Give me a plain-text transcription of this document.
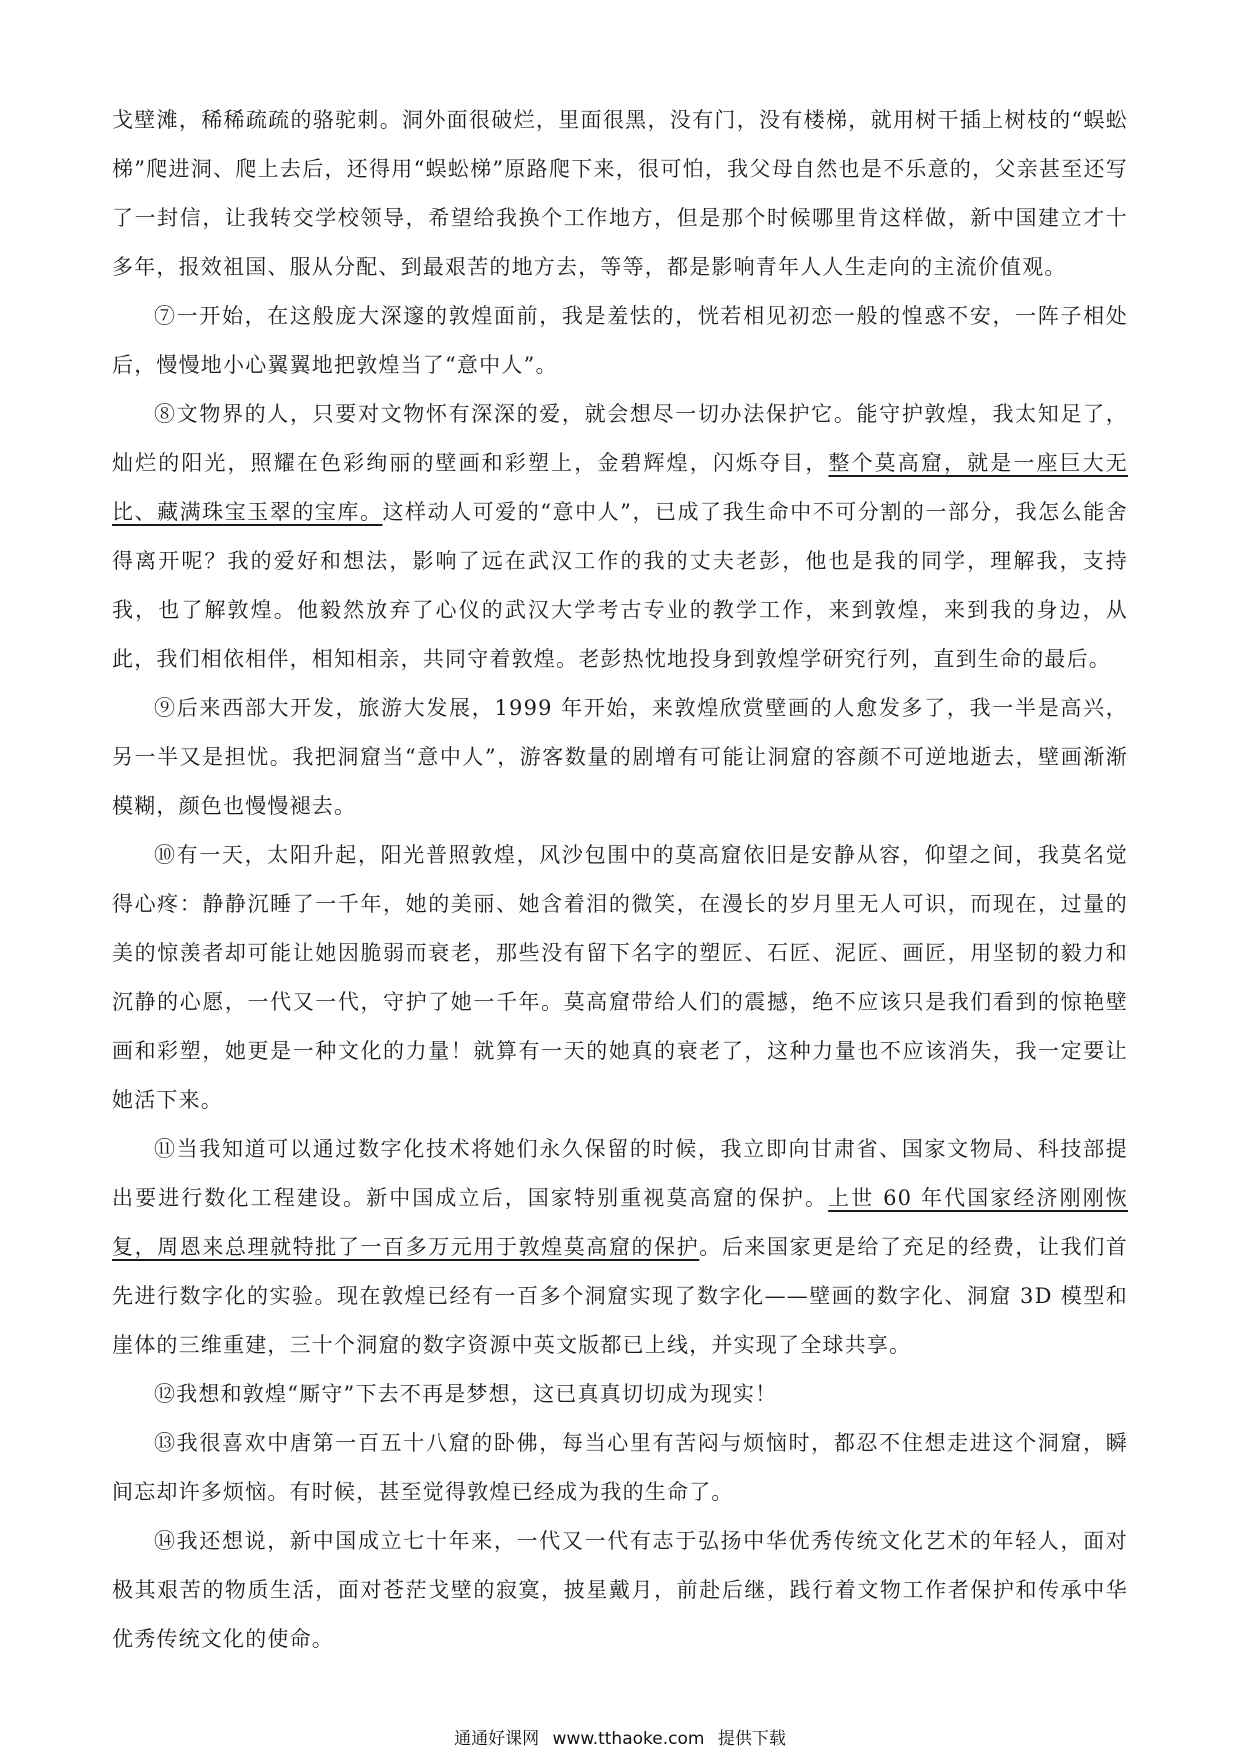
戈壁滩，稀稀疏疏的骆驼刺。洞外面很破烂，里面很黑，没有门，没有楼梯，就用树干插上树枝的“蜈蚣梯”爬进洞、爬上去后，还得用“蜈蚣梯”原路爬下来，很可怕，我父母自然也是不乐意的，父亲甚至还写了一封信，让我转交学校领导，希望给我换个工作地方，但是那个时候哪里肯这样做，新中国建立才十多年，报效祖国、服从分配、到最艰苦的地方去，等等，都是影响青年人人生走向的主流价值观。

⑦一开始，在这般庞大深邃的敦煌面前，我是羞怯的，恍若相见初恋一般的惶惑不安，一阵子相处后，慢慢地小心翼翼地把敦煌当了“意中人”。

⑧文物界的人，只要对文物怀有深深的爱，就会想尽一切办法保护它。能守护敦煌，我太知足了，灿烂的阳光，照耀在色彩绚丽的壁画和彩塑上，金碧辉煌，闪烁夺目，整个莫高窟，就是一座巨大无比、藏满珠宝玉翠的宝库。这样动人可爱的“意中人”，已成了我生命中不可分割的一部分，我怎么能舍得离开呢？我的爱好和想法，影响了远在武汉工作的我的丈夫老彭，他也是我的同学，理解我，支持我，也了解敦煌。他毅然放弃了心仪的武汉大学考古专业的教学工作，来到敦煌，来到我的身边，从此，我们相依相伴，相知相亲，共同守着敦煌。老彭热忱地投身到敦煌学研究行列，直到生命的最后。

⑨后来西部大开发，旅游大发展，1999 年开始，来敦煌欣赏壁画的人愈发多了，我一半是高兴，另一半又是担忧。我把洞窟当“意中人”，游客数量的剧增有可能让洞窟的容颜不可逆地逝去，壁画渐渐模糊，颜色也慢慢褪去。

⑩有一天，太阳升起，阳光普照敦煌，风沙包围中的莫高窟依旧是安静从容，仰望之间，我莫名觉得心疼：静静沉睡了一千年，她的美丽、她含着泪的微笑，在漫长的岁月里无人可识，而现在，过量的美的惊羡者却可能让她因脆弱而衰老，那些没有留下名字的塑匠、石匠、泥匠、画匠，用坚韧的毅力和沉静的心愿，一代又一代，守护了她一千年。莫高窟带给人们的震撼，绝不应该只是我们看到的惊艳壁画和彩塑，她更是一种文化的力量！就算有一天的她真的衰老了，这种力量也不应该消失，我一定要让她活下来。

⑪当我知道可以通过数字化技术将她们永久保留的时候，我立即向甘肃省、国家文物局、科技部提出要进行数化工程建设。新中国成立后，国家特别重视莫高窟的保护。上世 60 年代国家经济刚刚恢复，周恩来总理就特批了一百多万元用于敦煌莫高窟的保护。后来国家更是给了充足的经费，让我们首先进行数字化的实验。现在敦煌已经有一百多个洞窟实现了数字化——壁画的数字化、洞窟 3D 模型和崖体的三维重建，三十个洞窟的数字资源中英文版都已上线，并实现了全球共享。

⑫我想和敦煌“厮守”下去不再是梦想，这已真真切切成为现实！

⑬我很喜欢中唐第一百五十八窟的卧佛，每当心里有苦闷与烦恼时，都忍不住想走进这个洞窟，瞬间忘却许多烦恼。有时候，甚至觉得敦煌已经成为我的生命了。

⑭我还想说，新中国成立七十年来，一代又一代有志于弘扬中华优秀传统文化艺术的年轻人，面对极其艰苦的物质生活，面对苍茫戈壁的寂寞，披星戴月，前赴后继，践行着文物工作者保护和传承中华优秀传统文化的使命。

通通好课网 www.tthaoke.com 提供下载
